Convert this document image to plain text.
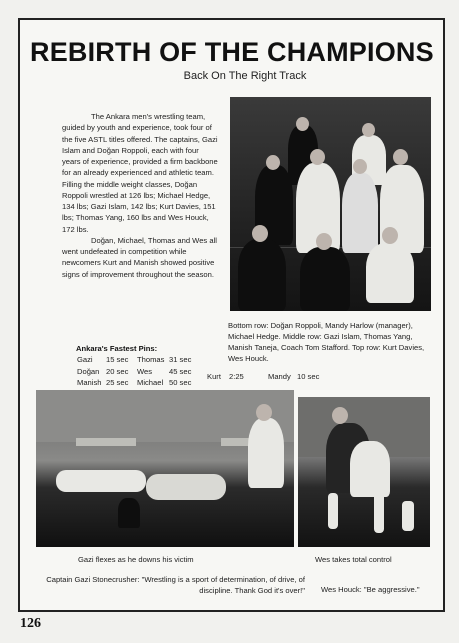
REBIRTH OF THE CHAMPIONS
Back On The Right Track

The Ankara men's wrestling team, guided by youth and experience, took four of the five ASTL titles offered. The captains, Gazi Islam and Doğan Roppoli, each with four years of experience, provided a firm backbone for an already experienced and athletic team. Filling the middle weight classes, Doğan Roppoli wrestled at 126 lbs; Michael Hedge, 134 lbs; Gazi Islam, 142 lbs; Kurt Davies, 151 lbs; Thomas Yang, 160 lbs and Wes Houck, 172 lbs.

Doğan, Michael, Thomas and Wes all went undefeated in competition while newcomers Kurt and Manish showed positive signs of improvement throughout the season.

Bottom row: Doğan Roppoli, Mandy Harlow (manager), Michael Hedge. Middle row: Gazi Islam, Thomas Yang, Manish Taneja, Coach Tom Stafford. Top row: Kurt Davies, Wes Houck.
Ankara's Fastest Pins:
Gazi 15 sec Thomas 31 sec
Doğan 20 sec Wes 45 sec
Manish 25 sec Michael 50 sec
Kurt 2:25	Mandy 10 sec
Gazi flexes as he downs his victim	Wes takes total control
Captain Gazi Stonecrusher: "Wrestling is a sport of determination, of drive, of discipline. Thank God it's over!" Wes Houck: "Be aggressive."
126
